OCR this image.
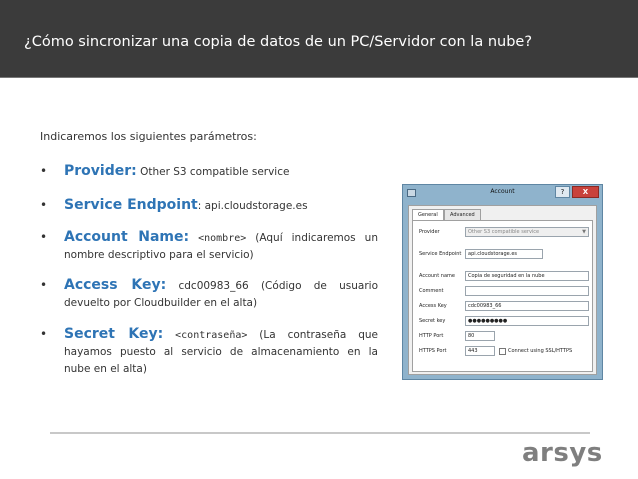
¿Cómo sincronizar una copia de datos de un PC/Servidor con la nube?
Indicaremos los siguientes parámetros:
• Provider: Other S3 compatible service
• Service Endpoint: api.cloudstorage.es
• Account Name: <nombre> (Aquí indicaremos un
nombre descriptivo para el servicio)
• Access Key: cdc00983_66 (Código de usuario
devuelto por Cloudbuilder en el alta)
• Secret Key: <contraseña> (La contraseña que
hayamos puesto al servicio de almacenamiento en la
nube en el alta)
Account	?	X
General	Advanced
Provider	Other S3 compatible service	▼
Service Endpoint	api.cloudstorage.es
Account name	Copia de seguridad en la nube
Comment
Access Key	cdc00983_66
Secret key	●●●●●●●●●
HTTP Port	80
HTTPS Port	443	Connect using SSL/HTTPS
arsys
